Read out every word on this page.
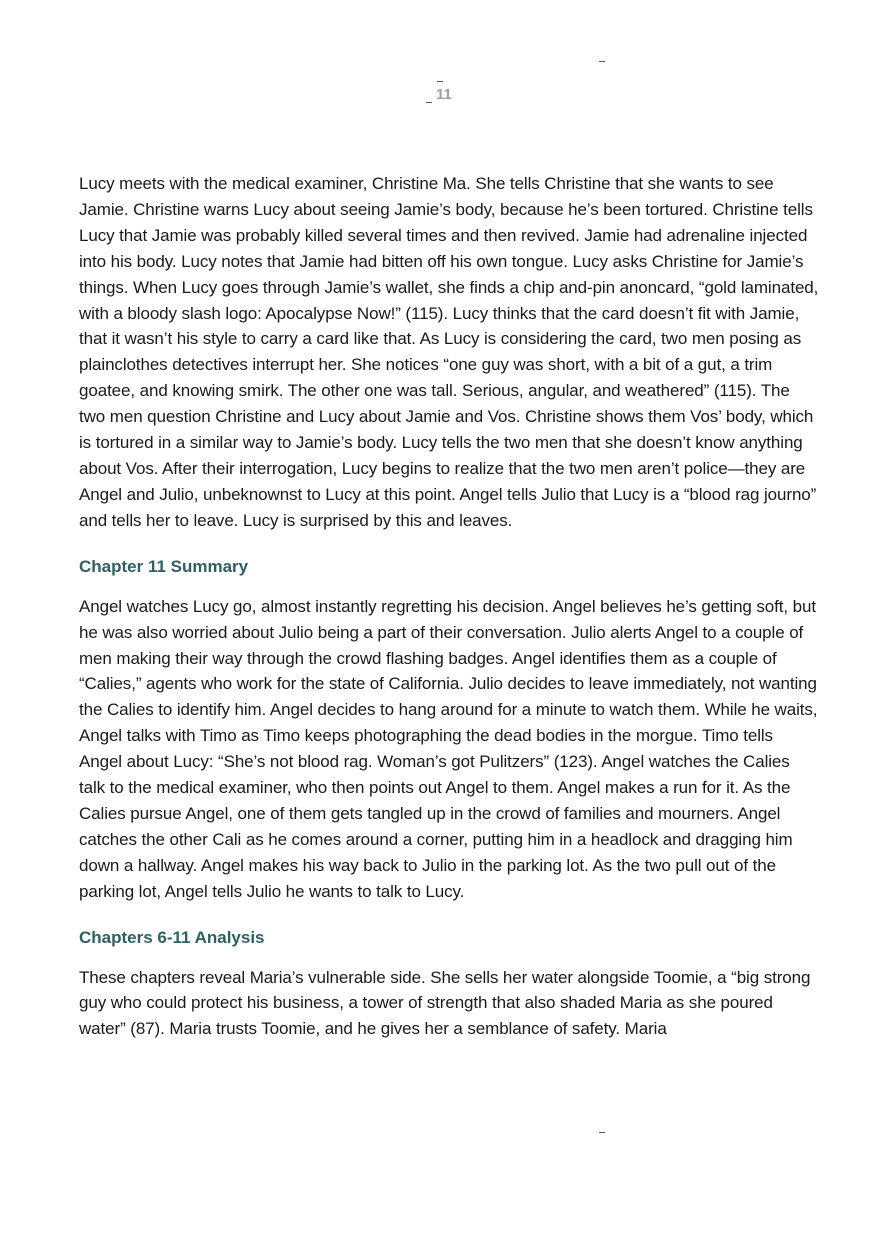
11

Lucy meets with the medical examiner, Christine Ma. She tells Christine that she wants to see Jamie. Christine warns Lucy about seeing Jamie’s body, because he’s been tortured. Christine tells Lucy that Jamie was probably killed several times and then revived. Jamie had adrenaline injected into his body. Lucy notes that Jamie had bitten off his own tongue. Lucy asks Christine for Jamie’s things. When Lucy goes through Jamie’s wallet, she finds a chip and-pin anoncard, “gold laminated, with a bloody slash logo: Apocalypse Now!” (115). Lucy thinks that the card doesn’t fit with Jamie, that it wasn’t his style to carry a card like that. As Lucy is considering the card, two men posing as plainclothes detectives interrupt her. She notices “one guy was short, with a bit of a gut, a trim goatee, and knowing smirk. The other one was tall. Serious, angular, and weathered” (115). The two men question Christine and Lucy about Jamie and Vos. Christine shows them Vos’ body, which is tortured in a similar way to Jamie’s body. Lucy tells the two men that she doesn’t know anything about Vos. After their interrogation, Lucy begins to realize that the two men aren’t police—they are Angel and Julio, unbeknownst to Lucy at this point. Angel tells Julio that Lucy is a “blood rag journo” and tells her to leave. Lucy is surprised by this and leaves.

Chapter 11 Summary

Angel watches Lucy go, almost instantly regretting his decision. Angel believes he’s getting soft, but he was also worried about Julio being a part of their conversation. Julio alerts Angel to a couple of men making their way through the crowd flashing badges. Angel identifies them as a couple of “Calies,” agents who work for the state of California. Julio decides to leave immediately, not wanting the Calies to identify him. Angel decides to hang around for a minute to watch them. While he waits, Angel talks with Timo as Timo keeps photographing the dead bodies in the morgue. Timo tells Angel about Lucy: “She’s not blood rag. Woman’s got Pulitzers” (123). Angel watches the Calies talk to the medical examiner, who then points out Angel to them. Angel makes a run for it. As the Calies pursue Angel, one of them gets tangled up in the crowd of families and mourners. Angel catches the other Cali as he comes around a corner, putting him in a headlock and dragging him down a hallway. Angel makes his way back to Julio in the parking lot. As the two pull out of the parking lot, Angel tells Julio he wants to talk to Lucy.

Chapters 6-11 Analysis

These chapters reveal Maria’s vulnerable side. She sells her water alongside Toomie, a “big strong guy who could protect his business, a tower of strength that also shaded Maria as she poured water” (87). Maria trusts Toomie, and he gives her a semblance of safety. Maria
